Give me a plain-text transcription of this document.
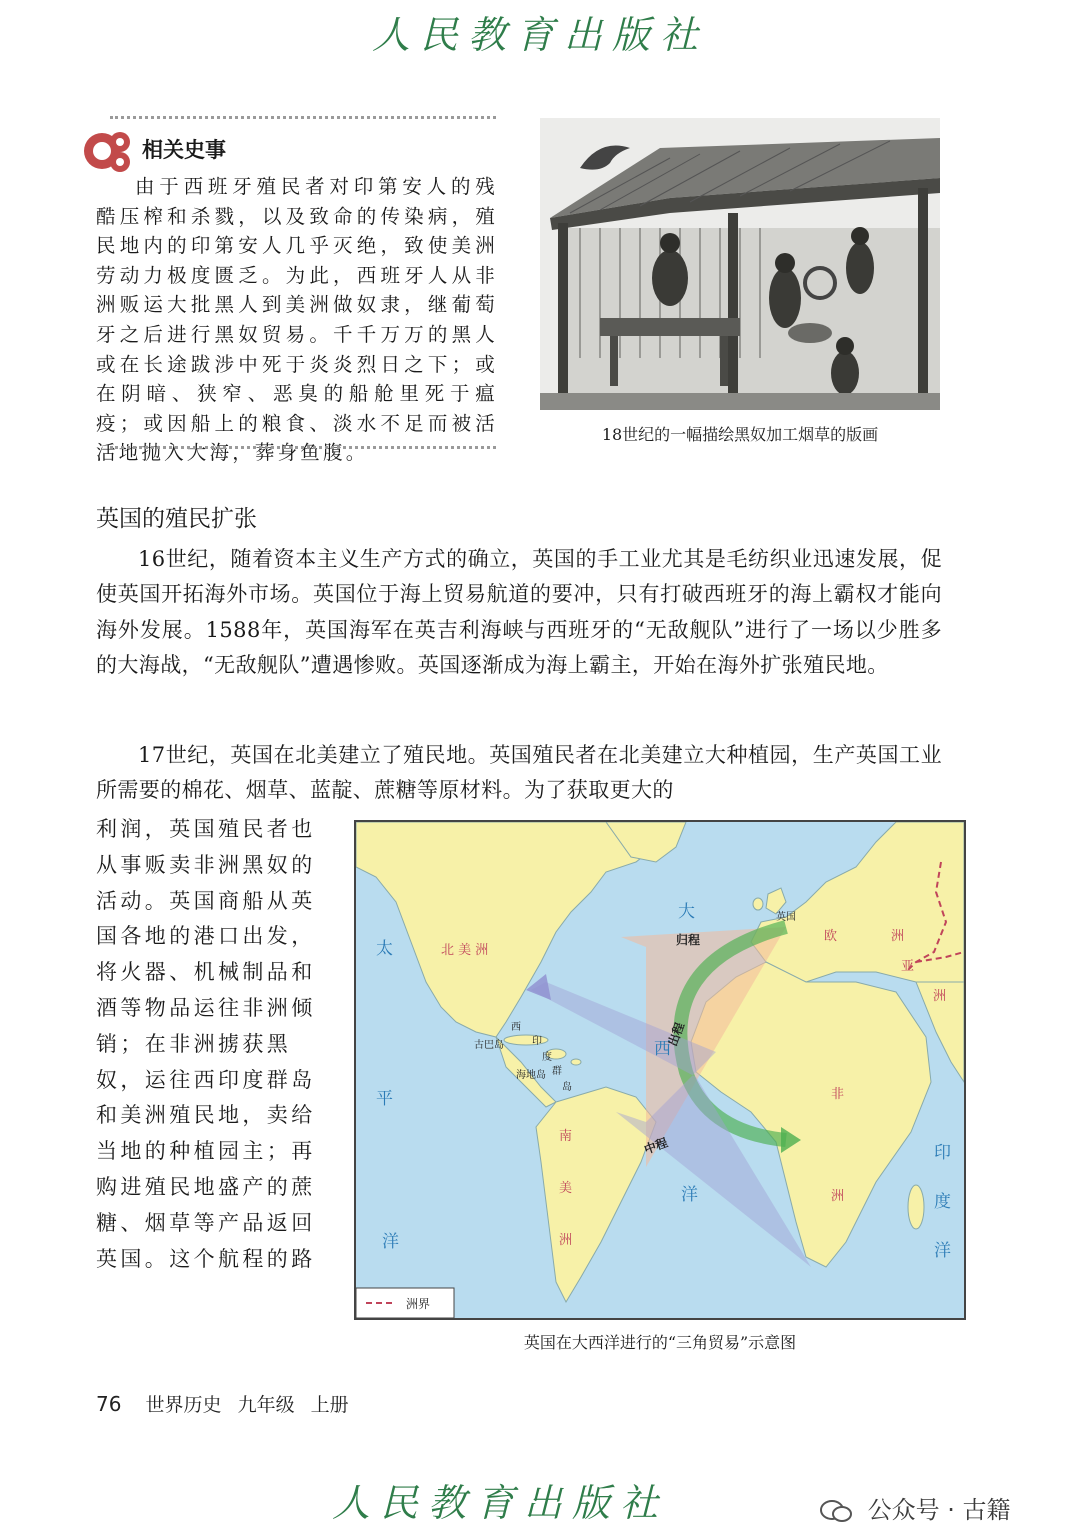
人民教育出版社
相关史事
由于西班牙殖民者对印第安人的残酷压榨和杀戮，以及致命的传染病，殖民地内的印第安人几乎灭绝，致使美洲劳动力极度匮乏。为此，西班牙人从非洲贩运大批黑人到美洲做奴隶，继葡萄牙之后进行黑奴贸易。千千万万的黑人或在长途跋涉中死于炎炎烈日之下；或在阴暗、狭窄、恶臭的船舱里死于瘟疫；或因船上的粮食、淡水不足而被活活地抛入大海，葬身鱼腹。
18世纪的一幅描绘黑奴加工烟草的版画
英国的殖民扩张
16世纪，随着资本主义生产方式的确立，英国的手工业尤其是毛纺织业迅速发展，促使英国开拓海外市场。英国位于海上贸易航道的要冲，只有打破西班牙的海上霸权才能向海外发展。1588年，英国海军在英吉利海峡与西班牙的“无敌舰队”进行了一场以少胜多的大海战，“无敌舰队”遭遇惨败。英国逐渐成为海上霸主，开始在海外扩张殖民地。
17世纪，英国在北美建立了殖民地。英国殖民者在北美建立大种植园，生产英国工业所需要的棉花、烟草、蓝靛、蔗糖等原材料。为了获取更大的
利润，英国殖民者也从事贩卖非洲黑奴的活动。英国商船从英国各地的港口出发，将火器、机械制品和酒等物品运往非洲倾销；在非洲掳获黑奴，运往西印度群岛和美洲殖民地，卖给当地的种植园主；再购进殖民地盛产的蔗糖、烟草等产品返回英国。这个航程的路
北 美 洲
欧	洲
亚
洲
南
美
洲
非
洲
大
西
洋
太
平
洋
印
度
洋
西
印
度
群
岛
古巴岛
海地岛
英国
归程
出程
中程
洲界
英国在大西洋进行的“三角贸易”示意图
76 世界历史 九年级 上册
人民教育出版社	公众号 · 古籍
